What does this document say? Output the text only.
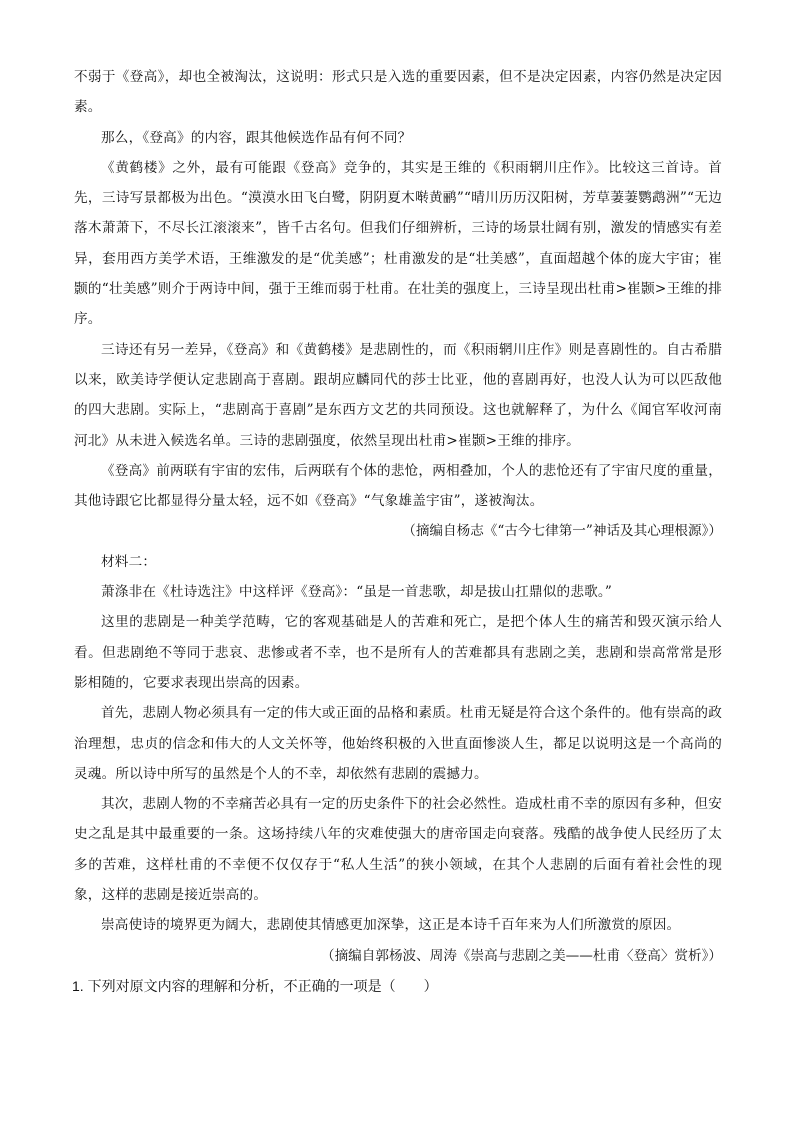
不弱于《登高》，却也全被淘汰，这说明：形式只是入选的重要因素，但不是决定因素，内容仍然是决定因素。

那么，《登高》的内容，跟其他候选作品有何不同？

《黄鹤楼》之外，最有可能跟《登高》竞争的，其实是王维的《积雨辋川庄作》。比较这三首诗。首先，三诗写景都极为出色。“漠漠水田飞白鹭，阴阴夏木啭黄鹂”“晴川历历汉阳树，芳草萋萋鹦鹉洲”“无边落木萧萧下，不尽长江滚滚来”，皆千古名句。但我们仔细辨析，三诗的场景壮阔有别，激发的情感实有差异，套用西方美学术语，王维激发的是“优美感”；杜甫激发的是“壮美感”，直面超越个体的庞大宇宙；崔颢的“壮美感”则介于两诗中间，强于王维而弱于杜甫。在壮美的强度上，三诗呈现出杜甫>崔颢>王维的排序。

三诗还有另一差异，《登高》和《黄鹤楼》是悲剧性的，而《积雨辋川庄作》则是喜剧性的。自古希腊以来，欧美诗学便认定悲剧高于喜剧。跟胡应麟同代的莎士比亚，他的喜剧再好，也没人认为可以匹敌他的四大悲剧。实际上，“悲剧高于喜剧”是东西方文艺的共同预设。这也就解释了，为什么《闻官军收河南河北》从未进入候选名单。三诗的悲剧强度，依然呈现出杜甫>崔颢>王维的排序。

《登高》前两联有宇宙的宏伟，后两联有个体的悲怆，两相叠加，个人的悲怆还有了宇宙尺度的重量，其他诗跟它比都显得分量太轻，远不如《登高》“气象雄盖宇宙”，遂被淘汰。

（摘编自杨志《“古今七律第一”神话及其心理根源》）

材料二：

萧涤非在《杜诗选注》中这样评《登高》：“虽是一首悲歌，却是拔山扛鼎似的悲歌。”

这里的悲剧是一种美学范畴，它的客观基础是人的苦难和死亡，是把个体人生的痛苦和毁灭演示给人看。但悲剧绝不等同于悲哀、悲惨或者不幸，也不是所有人的苦难都具有悲剧之美，悲剧和崇高常常是形影相随的，它要求表现出崇高的因素。

首先，悲剧人物必须具有一定的伟大或正面的品格和素质。杜甫无疑是符合这个条件的。他有崇高的政治理想，忠贞的信念和伟大的人文关怀等，他始终积极的入世直面惨淡人生，都足以说明这是一个高尚的灵魂。所以诗中所写的虽然是个人的不幸，却依然有悲剧的震撼力。

其次，悲剧人物的不幸痛苦必具有一定的历史条件下的社会必然性。造成杜甫不幸的原因有多种，但安史之乱是其中最重要的一条。这场持续八年的灾难使强大的唐帝国走向衰落。残酷的战争使人民经历了太多的苦难，这样杜甫的不幸便不仅仅存于“私人生活”的狭小领域，在其个人悲剧的后面有着社会性的现象，这样的悲剧是接近崇高的。

崇高使诗的境界更为阔大，悲剧使其情感更加深挚，这正是本诗千百年来为人们所激赏的原因。

（摘编自郭杨波、周涛《崇高与悲剧之美——杜甫〈登高〉赏析》）

1. 下列对原文内容的理解和分析，不正确的一项是（　　）
